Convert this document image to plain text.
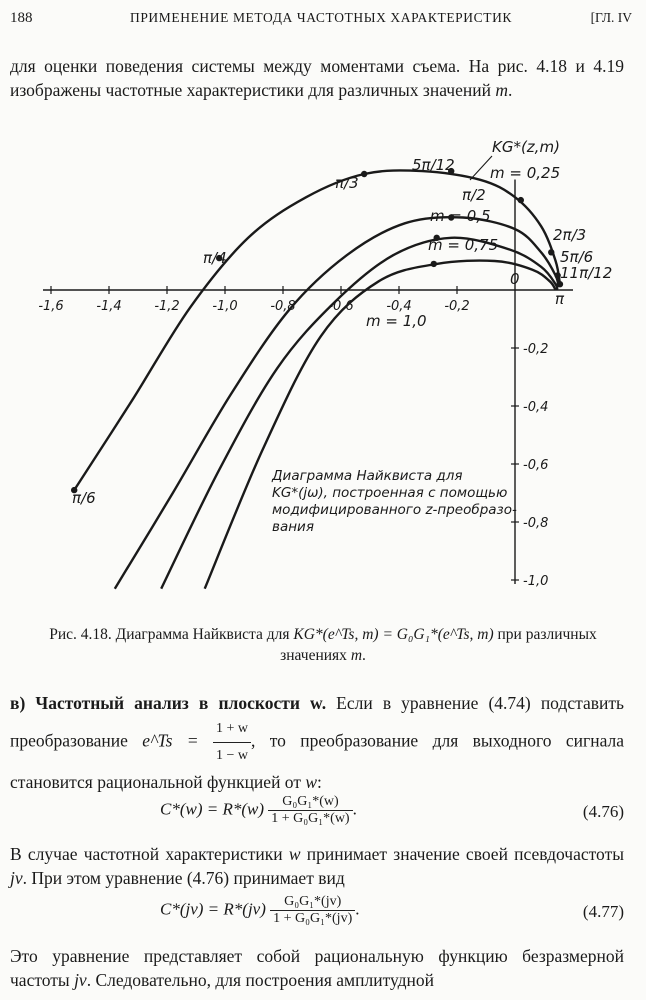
188	ПРИМЕНЕНИЕ МЕТОДА ЧАСТОТНЫХ ХАРАКТЕРИСТИК	[ГЛ. IV
для оценки поведения системы между моментами съема. На рис. 4.18 и 4.19 изображены частотные характеристики для различных значений m.
-1,6	-1,4	-1,2	-1,0	-0,8	-0,6	-0,4	-0,2
-0,2
-0,4
-0,6
-0,8
-1,0
π/6
π/4
π/3
5π/12
π/2
2π/3
5π/6
11π/12
π
0
m = 0,25
m = 0,5
m = 0,75
m = 1,0
KG*(z,m)
Диаграмма Найквиста для
KG*(jω), построенная с помощью
модифицированного z-преобразо-
вания
Рис. 4.18. Диаграмма Найквиста для KG*(e^Ts, m) = G₀G₁*(e^Ts, m) при различных значениях m.
в) Частотный анализ в плоскости w. Если в уравнение (4.74) подставить преобразование e^Ts = $\frac{1 + w}{1 - w}$ , то преобразование для выходного сигнала становится рациональной функцией от w:
$C*(w) = R*(w) \frac{\text{G₀G₁*(w)}}{\text{1 + G₀G₁*(w)}}$ .	(4.76)
В случае частотной характеристики w принимает значение своей псевдочастоты jv. При этом уравнение (4.76) принимает вид
$C*(jv) = R*(jv) \frac{\text{G₀G₁*(jv)}}{\text{1 + G₀G₁*(jv)}}$ .	(4.77)
Это уравнение представляет собой рациональную функцию безразмерной частоты jv. Следовательно, для построения амплитудной
